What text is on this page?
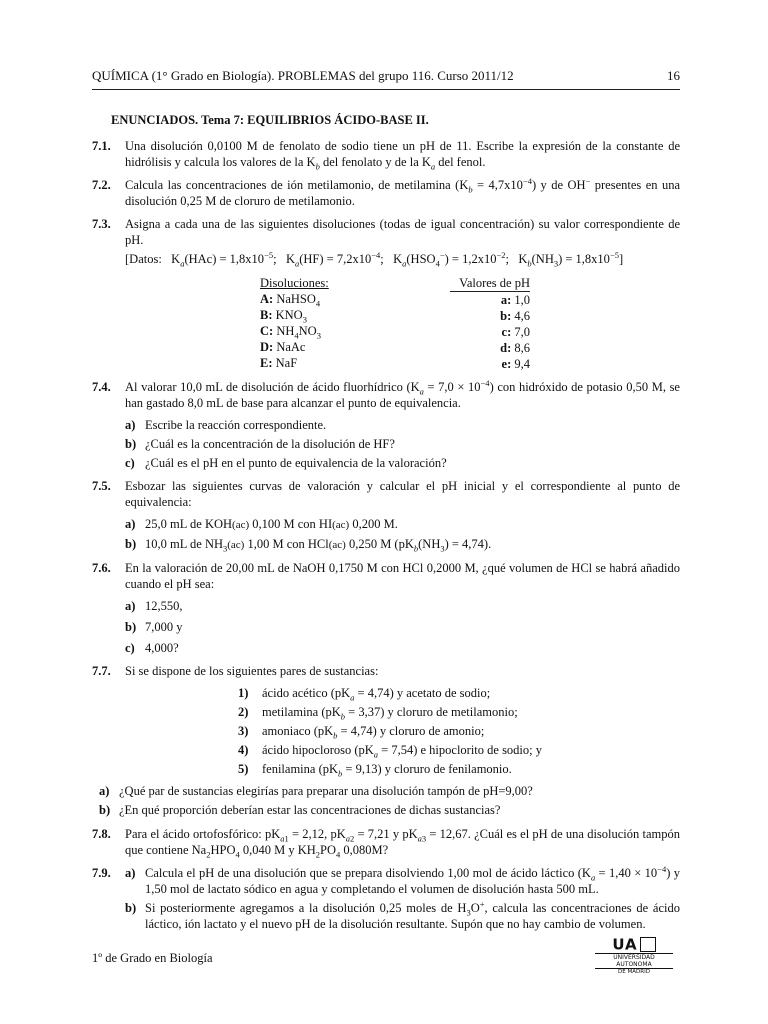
QUÍMICA (1° Grado en Biología). PROBLEMAS del grupo 116. Curso 2011/12	16
ENUNCIADOS. Tema 7: EQUILIBRIOS ÁCIDO-BASE II.
7.1. Una disolución 0,0100 M de fenolato de sodio tiene un pH de 11. Escribe la expresión de la constante de hidrólisis y calcula los valores de la $K_b$ del fenolato y de la $K_a$ del fenol.
7.2. Calcula las concentraciones de ión metilamonio, de metilamina $(K_b = 4,7x10^{-4})$ y de OH− presentes en una disolución 0,25 M de cloruro de metilamonio.
7.3. Asigna a cada una de las siguientes disoluciones (todas de igual concentración) su valor correspondiente de pH.
[Datos:   $K_a(HAc) = 1,8x10^{-5}$;   $K_a(HF) = 7,2x10^{-4}$;   $K_a(HSO_4^-) = 1,2x10^{-2}$;   $K_b(NH_3) = 1,8x10^{-5}$]
Disoluciones:
A: NaHSO$_4$
B: $KNO_3$
C: $NH_4NO_3$
D: NaAc
E: NaF
Valores de pH
a: 1,0
b: 4,6
c: 7,0
d: 8,6
e: 9,4
7.4. Al valorar 10,0 mL de disolución de ácido fluorhídrico $(K_a = 7,0 \times 10^{-4})$ con hidróxido de potasio 0,50 M, se han gastado 8,0 mL de base para alcanzar el punto de equivalencia.
a) Escribe la reacción correspondiente.
b) ¿Cuál es la concentración de la disolución de HF?
c) ¿Cuál es el pH en el punto de equivalencia de la valoración?
7.5. Esbozar las siguientes curvas de valoración y calcular el pH inicial y el correspondiente al punto de equivalencia:
a) 25,0 mL de KOH(ac) 0,100 M con HI(ac) 0,200 M.
b) 10,0 mL de $NH_3(ac)$ 1,00 M con HCl(ac) 0,250 M $(pK_b(NH_3) = 4,74)$.
7.6. En la valoración de 20,00 mL de NaOH 0,1750 M con HCl 0,2000 M, ¿qué volumen de HCl se habrá añadido cuando el pH sea:
a) 12,550,
b) 7,000 y
c) 4,000?
7.7. Si se dispone de los siguientes pares de sustancias:
1) ácido acético $(pK_a = 4,74)$ y acetato de sodio;
2) metilamina $(pK_b = 3,37)$ y cloruro de metilamonio;
3) amoniaco $(pK_b = 4,74)$ y cloruro de amonio;
4) ácido hipocloroso $(pK_a = 7,54)$ e hipoclorito de sodio; y
5) fenilamina $(pK_b = 9,13)$ y cloruro de fenilamonio.
a) ¿Qué par de sustancias elegirías para preparar una disolución tampón de pH=9,00?
b) ¿En qué proporción deberían estar las concentraciones de dichas sustancias?
7.8. Para el ácido ortofosfórico: $pK_{a1} = 2,12$, $pK_{a2} = 7,21$ y $pK_{a3} = 12,67$. ¿Cuál es el pH de una disolución tampón que contiene $Na_2HPO_4$ 0,040 M y $KH_2PO_4$ 0,080M?
7.9. a) Calcula el pH de una disolución que se prepara disolviendo 1,00 mol de ácido láctico $(K_a = 1,40 \times 10^{-4})$ y 1,50 mol de lactato sódico en agua y completando el volumen de disolución hasta 500 mL.
b) Si posteriormente agregamos a la disolución 0,25 moles de $H_3O^+$, calcula las concentraciones de ácido láctico, ión lactato y el nuevo pH de la disolución resultante. Supón que no hay cambio de volumen.
1º de Grado en Biología
UA
UNIVERSIDAD AUTONOMA
DE MADRID
